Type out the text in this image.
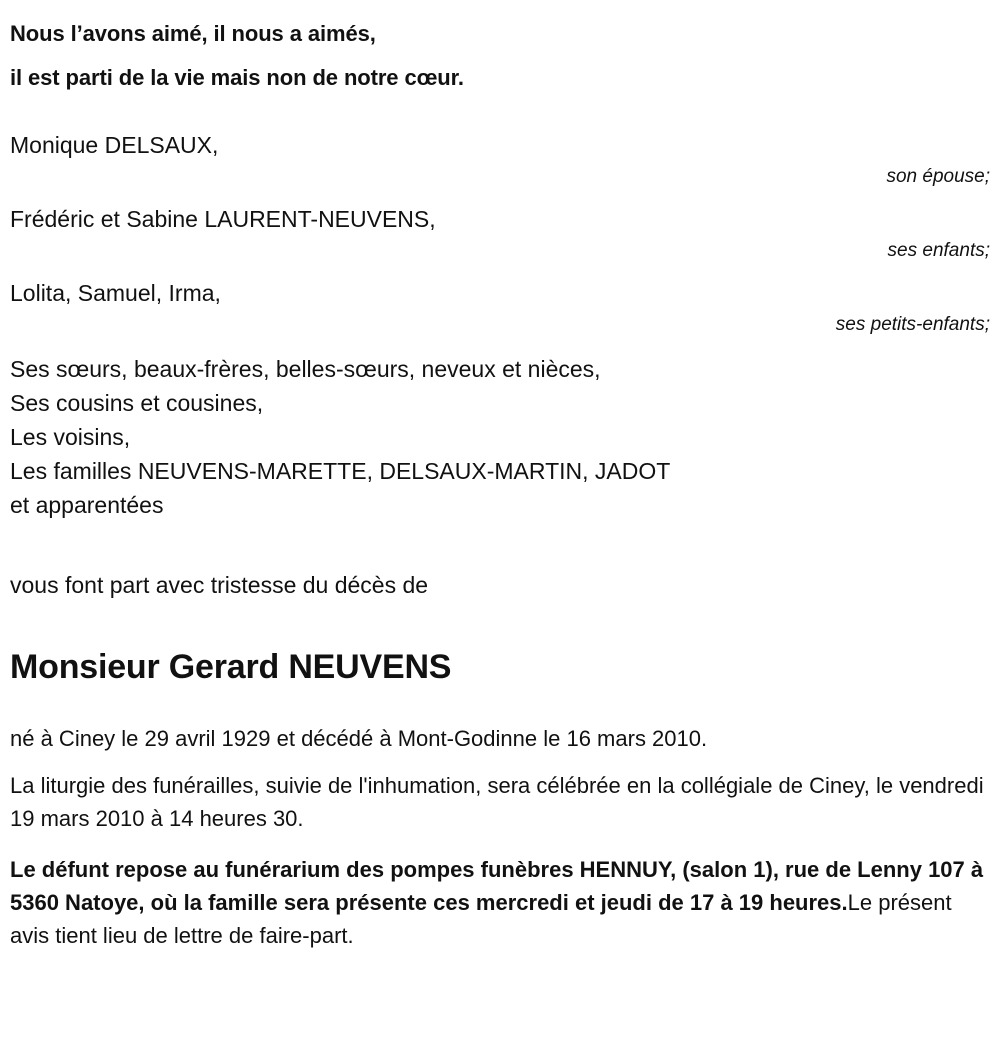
Nous l’avons aimé, il nous a aimés,
il est parti de la vie mais non de notre cœur.
Monique DELSAUX,
son épouse;
Frédéric et Sabine LAURENT-NEUVENS,
ses enfants;
Lolita, Samuel, Irma,
ses petits-enfants;
Ses sœurs, beaux-frères, belles-sœurs, neveux et nièces,
Ses cousins et cousines,
Les voisins,
Les familles NEUVENS-MARETTE, DELSAUX-MARTIN, JADOT
et apparentées
vous font part avec tristesse du décès de
Monsieur Gerard NEUVENS

né à Ciney le 29 avril 1929 et décédé à Mont-Godinne le 16 mars 2010.

La liturgie des funérailles, suivie de l'inhumation, sera célébrée en la collégiale de Ciney, le vendredi 19 mars 2010 à 14 heures 30.

Le défunt repose au funérarium des pompes funèbres HENNUY, (salon 1), rue de Lenny 107 à 5360 Natoye, où la famille sera présente ces mercredi et jeudi de 17 à 19 heures.Le présent avis tient lieu de lettre de faire-part.
